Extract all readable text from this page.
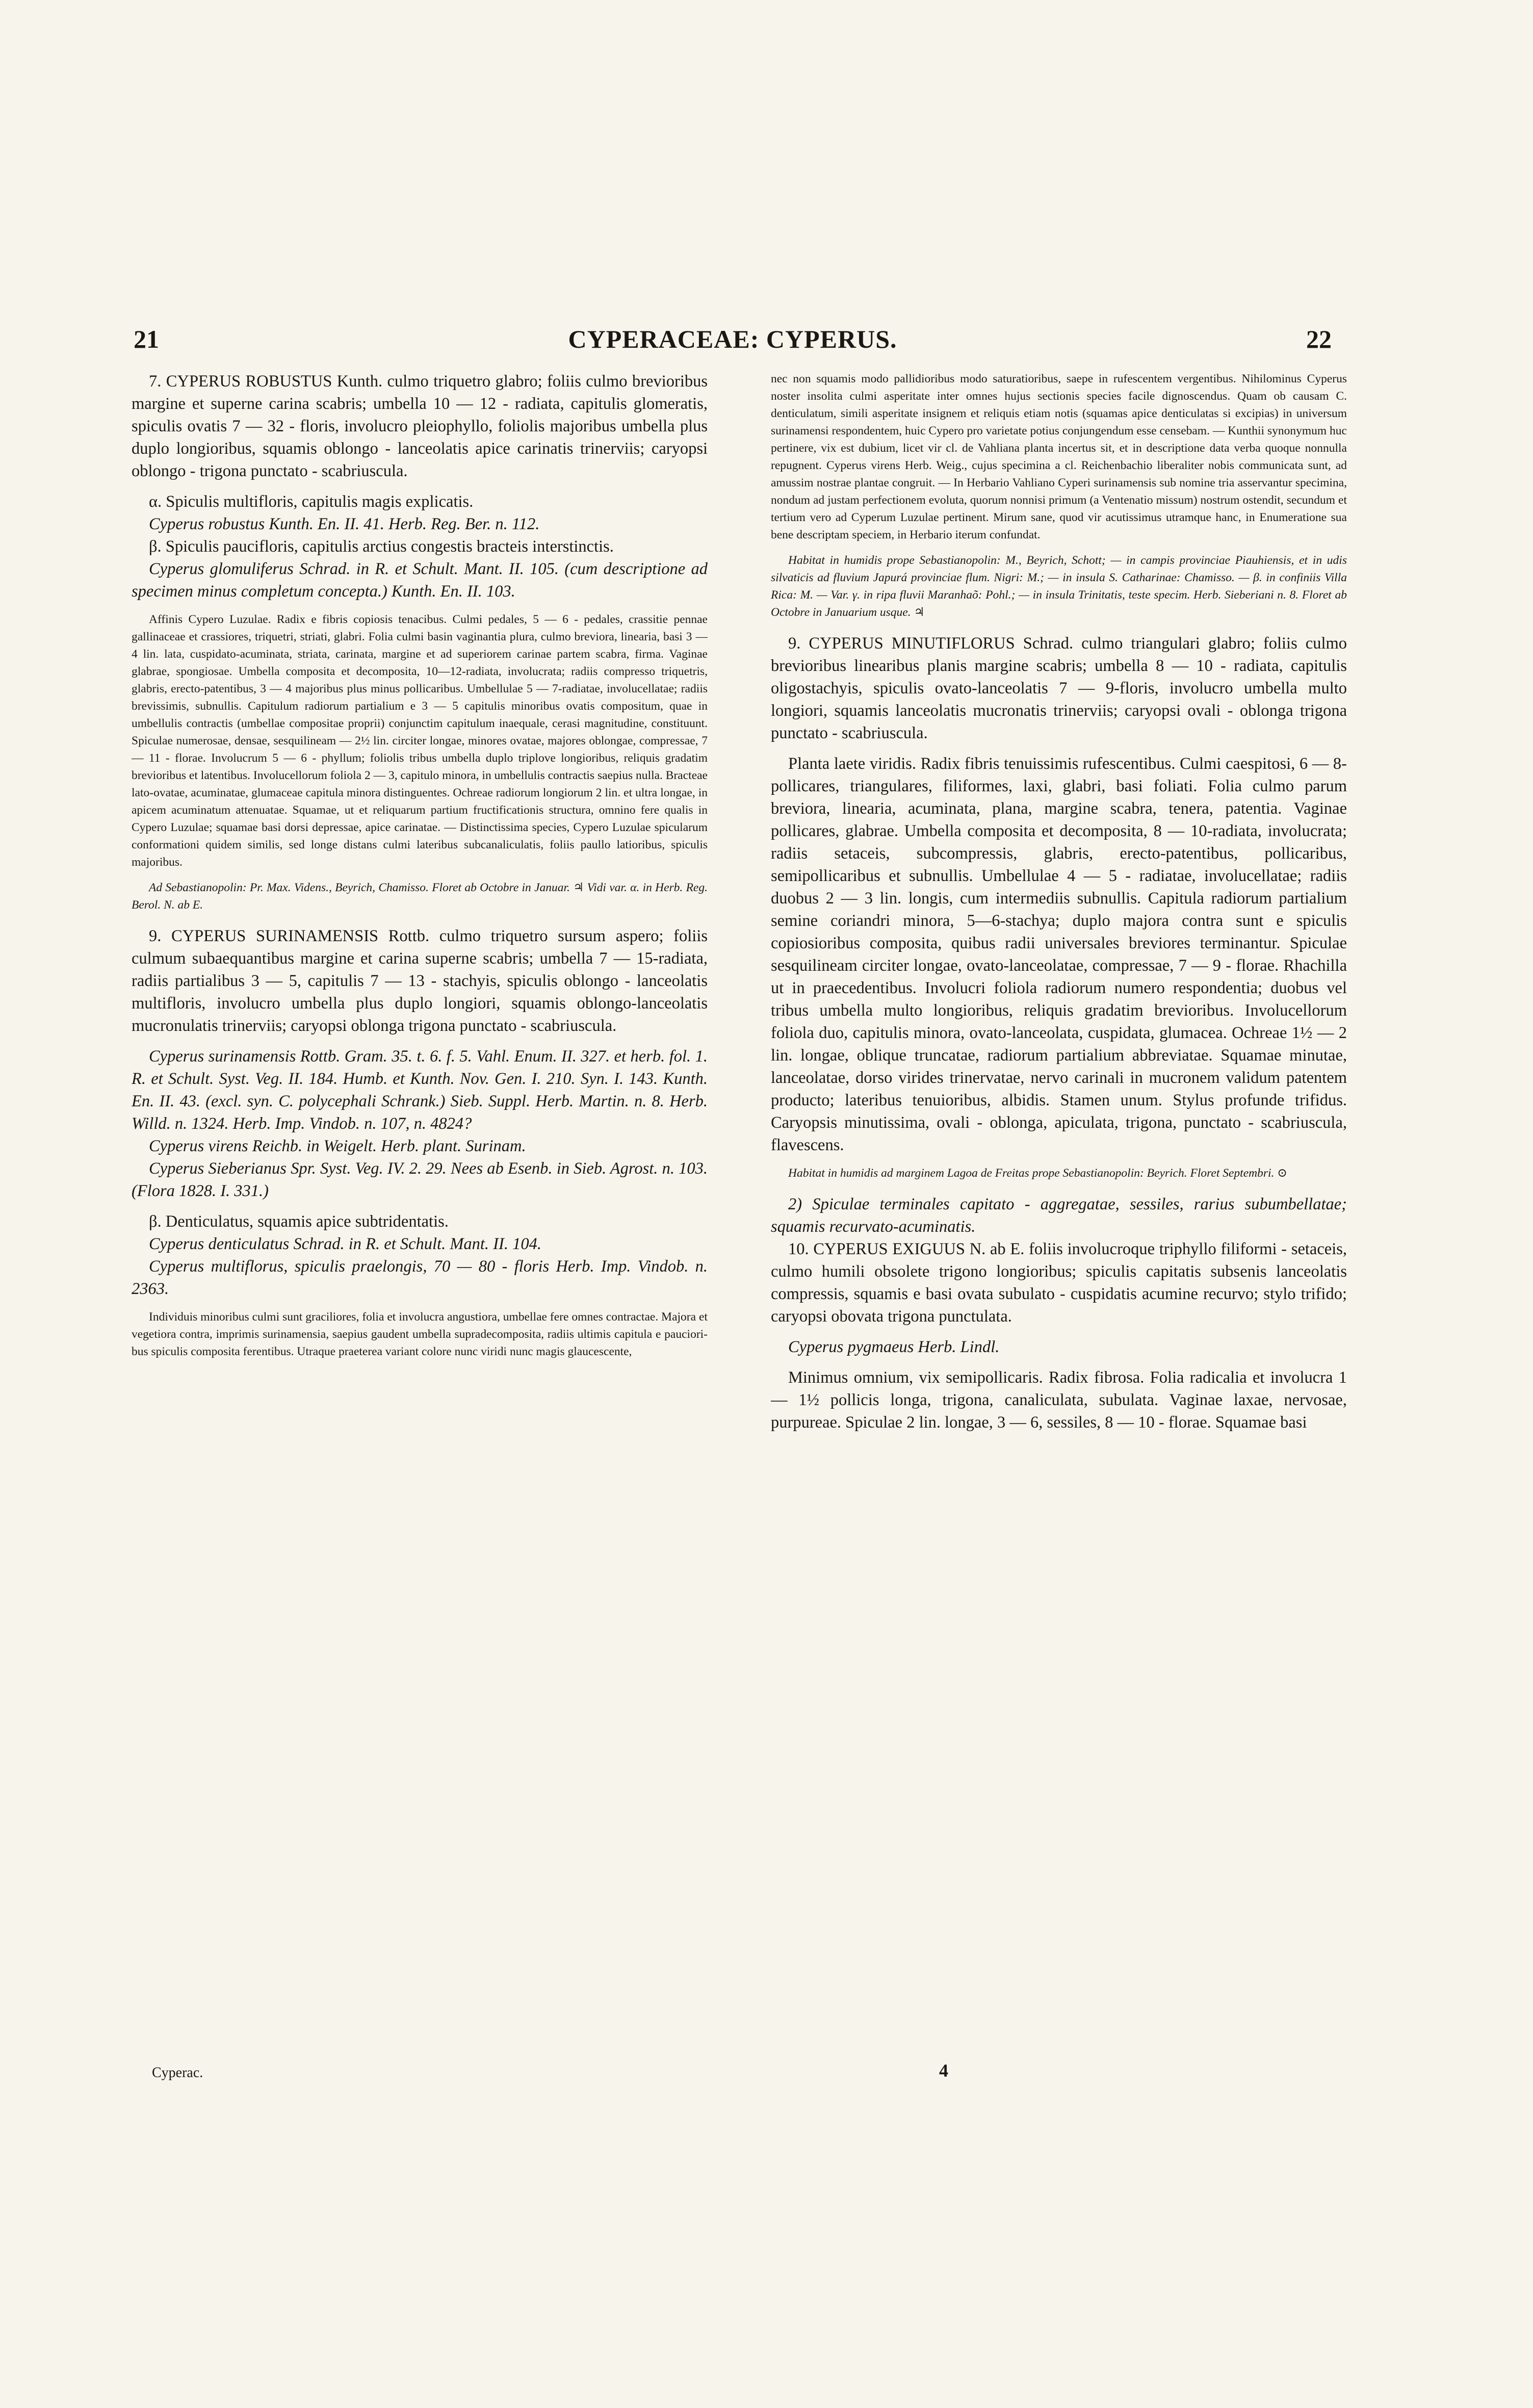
21	CYPERACEAE: CYPERUS.	22

7. CYPERUS ROBUSTUS Kunth. culmo triquetro glabro; foliis culmo brevioribus margine et superne carina scabris; umbella 10 — 12 - radiata, capitulis glomeratis, spiculis ovatis 7 — 32 - floris, involucro pleiophyllo, foliolis majoribus umbella plus duplo longioribus, squamis oblongo - lanceolatis apice carinatis trinerviis; caryopsi oblongo - trigona punctato - scabriuscula.

α. Spiculis multifloris, capitulis magis explicatis.

Cyperus robustus Kunth. En. II. 41. Herb. Reg. Ber. n. 112.

β. Spiculis paucifloris, capitulis arctius congestis bracteis interstinctis.

Cyperus glomuliferus Schrad. in R. et Schult. Mant. II. 105. (cum descriptione ad specimen minus completum concepta.) Kunth. En. II. 103.

Affinis Cypero Luzulae. Radix e fibris copiosis tenacibus. Culmi pedales, 5 — 6 - pedales, crassitie pennae gallinaceae et crassiores, triquetri, striati, glabri. Folia culmi basin vaginantia plura, culmo breviora, linearia, basi 3 — 4 lin. lata, cuspidato-acuminata, striata, carinata, margine et ad superiorem carinae partem scabra, firma. Vaginae glabrae, spongiosae. Umbella composita et decomposita, 10—12-radiata, involucrata; radiis compresso triquetris, glabris, erecto-patentibus, 3 — 4 majoribus plus minus pollicaribus. Umbellulae 5 — 7-radiatae, involucellatae; radiis brevissimis, subnullis. Capitulum radiorum partialium e 3 — 5 capitulis minoribus ovatis compositum, quae in umbellulis contractis (umbellae compositae proprii) conjunctim capitulum inaequale, cerasi magnitudine, constituunt. Spiculae numerosae, densae, sesquilineam — 2½ lin. circiter longae, minores ovatae, majores oblongae, compressae, 7 — 11 - florae. Involucrum 5 — 6 - phyllum; foliolis tribus umbella duplo triplove longioribus, reliquis gradatim brevioribus et latentibus. Involucellorum foliola 2 — 3, capitulo minora, in umbellulis contractis saepius nulla. Bracteae lato-ovatae, acuminatae, glumaceae capitula minora distinguentes. Ochreae radiorum longiorum 2 lin. et ultra longae, in apicem acuminatum attenuatae. Squamae, ut et reliquarum partium fructificationis structura, omnino fere qualis in Cypero Luzulae; squamae basi dorsi depressae, apice carinatae. — Distinctissima species, Cypero Luzulae spicularum conformationi quidem similis, sed longe distans culmi lateribus subcanaliculatis, foliis paullo latioribus, spiculis majoribus.

Ad Sebastianopolin: Pr. Max. Videns., Beyrich, Chamisso. Floret ab Octobre in Januar. ♃ Vidi var. α. in Herb. Reg. Berol. N. ab E.

9. CYPERUS SURINAMENSIS Rottb. culmo triquetro sursum aspero; foliis culmum subaequantibus margine et carina superne scabris; umbella 7 — 15-radiata, radiis partialibus 3 — 5, capitulis 7 — 13 - stachyis, spiculis oblongo - lanceolatis multifloris, involucro umbella plus duplo longiori, squamis oblongo-lanceolatis mucronulatis trinerviis; caryopsi oblonga trigona punctato - scabriuscula.

Cyperus surinamensis Rottb. Gram. 35. t. 6. f. 5. Vahl. Enum. II. 327. et herb. fol. 1. R. et Schult. Syst. Veg. II. 184. Humb. et Kunth. Nov. Gen. I. 210. Syn. I. 143. Kunth. En. II. 43. (excl. syn. C. polycephali Schrank.) Sieb. Suppl. Herb. Martin. n. 8. Herb. Willd. n. 1324. Herb. Imp. Vindob. n. 107, n. 4824?

Cyperus virens Reichb. in Weigelt. Herb. plant. Surinam.

Cyperus Sieberianus Spr. Syst. Veg. IV. 2. 29. Nees ab Esenb. in Sieb. Agrost. n. 103. (Flora 1828. I. 331.)

β. Denticulatus, squamis apice subtridentatis.

Cyperus denticulatus Schrad. in R. et Schult. Mant. II. 104.

Cyperus multiflorus, spiculis praelongis, 70 — 80 - floris Herb. Imp. Vindob. n. 2363.

Individuis minoribus culmi sunt graciliores, folia et involucra angustiora, umbellae fere omnes contractae. Majora et vegetiora contra, imprimis surinamensia, saepius gaudent umbella supradecomposita, radiis ultimis capitula e paucioribus spiculis composita ferentibus. Utraque praeterea variant colore nunc viridi nunc magis glaucescente,

nec non squamis modo pallidioribus modo saturatioribus, saepe in rufescentem vergentibus. Nihilominus Cyperus noster insolita culmi asperitate inter omnes hujus sectionis species facile dignoscendus. Quam ob causam C. denticulatum, simili asperitate insignem et reliquis etiam notis (squamas apice denticulatas si excipias) in universum surinamensi respondentem, huic Cypero pro varietate potius conjungendum esse censebam. — Kunthii synonymum huc pertinere, vix est dubium, licet vir cl. de Vahliana planta incertus sit, et in descriptione data verba quoque nonnulla repugnent. Cyperus virens Herb. Weig., cujus specimina a cl. Reichenbachio liberaliter nobis communicata sunt, ad amussim nostrae plantae congruit. — In Herbario Vahliano Cyperi surinamensis sub nomine tria asservantur specimina, nondum ad justam perfectionem evoluta, quorum nonnisi primum (a Ventenatio missum) nostrum ostendit, secundum et tertium vero ad Cyperum Luzulae pertinent. Mirum sane, quod vir acutissimus utramque hanc, in Enumeratione sua bene descriptam speciem, in Herbario iterum confundat.

Habitat in humidis prope Sebastianopolin: M., Beyrich, Schott; — in campis provinciae Piauhiensis, et in udis silvaticis ad fluvium Japurá provinciae flum. Nigri: M.; — in insula S. Catharinae: Chamisso. — β. in confiniis Villa Rica: M. — Var. γ. in ripa fluvii Maranhaõ: Pohl.; — in insula Trinitatis, teste specim. Herb. Sieberiani n. 8. Floret ab Octobre in Januarium usque. ♃

9. CYPERUS MINUTIFLORUS Schrad. culmo triangulari glabro; foliis culmo brevioribus linearibus planis margine scabris; umbella 8 — 10 - radiata, capitulis oligostachyis, spiculis ovato-lanceolatis 7 — 9-floris, involucro umbella multo longiori, squamis lanceolatis mucronatis trinerviis; caryopsi ovali - oblonga trigona punctato - scabriuscula.

Planta laete viridis. Radix fibris tenuissimis rufescentibus. Culmi caespitosi, 6 — 8-pollicares, triangulares, filiformes, laxi, glabri, basi foliati. Folia culmo parum breviora, linearia, acuminata, plana, margine scabra, tenera, patentia. Vaginae pollicares, glabrae. Umbella composita et decomposita, 8 — 10-radiata, involucrata; radiis setaceis, subcompressis, glabris, erecto-patentibus, pollicaribus, semipollicaribus et subnullis. Umbellulae 4 — 5 - radiatae, involucellatae; radiis duobus 2 — 3 lin. longis, cum intermediis subnullis. Capitula radiorum partialium semine coriandri minora, 5—6-stachya; duplo majora contra sunt e spiculis copiosioribus composita, quibus radii universales breviores terminantur. Spiculae sesquilineam circiter longae, ovato-lanceolatae, compressae, 7 — 9 - florae. Rhachilla ut in praecedentibus. Involucri foliola radiorum numero respondentia; duobus vel tribus umbella multo longioribus, reliquis gradatim brevioribus. Involucellorum foliola duo, capitulis minora, ovato-lanceolata, cuspidata, glumacea. Ochreae 1½ — 2 lin. longae, oblique truncatae, radiorum partialium abbreviatae. Squamae minutae, lanceolatae, dorso virides trinervatae, nervo carinali in mucronem validum patentem producto; lateribus tenuioribus, albidis. Stamen unum. Stylus profunde trifidus. Caryopsis minutissima, ovali - oblonga, apiculata, trigona, punctato - scabriuscula, flavescens.

Habitat in humidis ad marginem Lagoa de Freitas prope Sebastianopolin: Beyrich. Floret Septembri. ⊙

2) Spiculae terminales capitato - aggregatae, sessiles, rarius subumbellatae; squamis recurvato-acuminatis.

10. CYPERUS EXIGUUS N. ab E. foliis involucroque triphyllo filiformi - setaceis, culmo humili obsolete trigono longioribus; spiculis capitatis subsenis lanceolatis compressis, squamis e basi ovata subulato - cuspidatis acumine recurvo; stylo trifido; caryopsi obovata trigona punctulata.

Cyperus pygmaeus Herb. Lindl.

Minimus omnium, vix semipollicaris. Radix fibrosa. Folia radicalia et involucra 1 — 1½ pollicis longa, trigona, canaliculata, subulata. Vaginae laxae, nervosae, purpureae. Spiculae 2 lin. longae, 3 — 6, sessiles, 8 — 10 - florae. Squamae basi

Cyperac.	4
